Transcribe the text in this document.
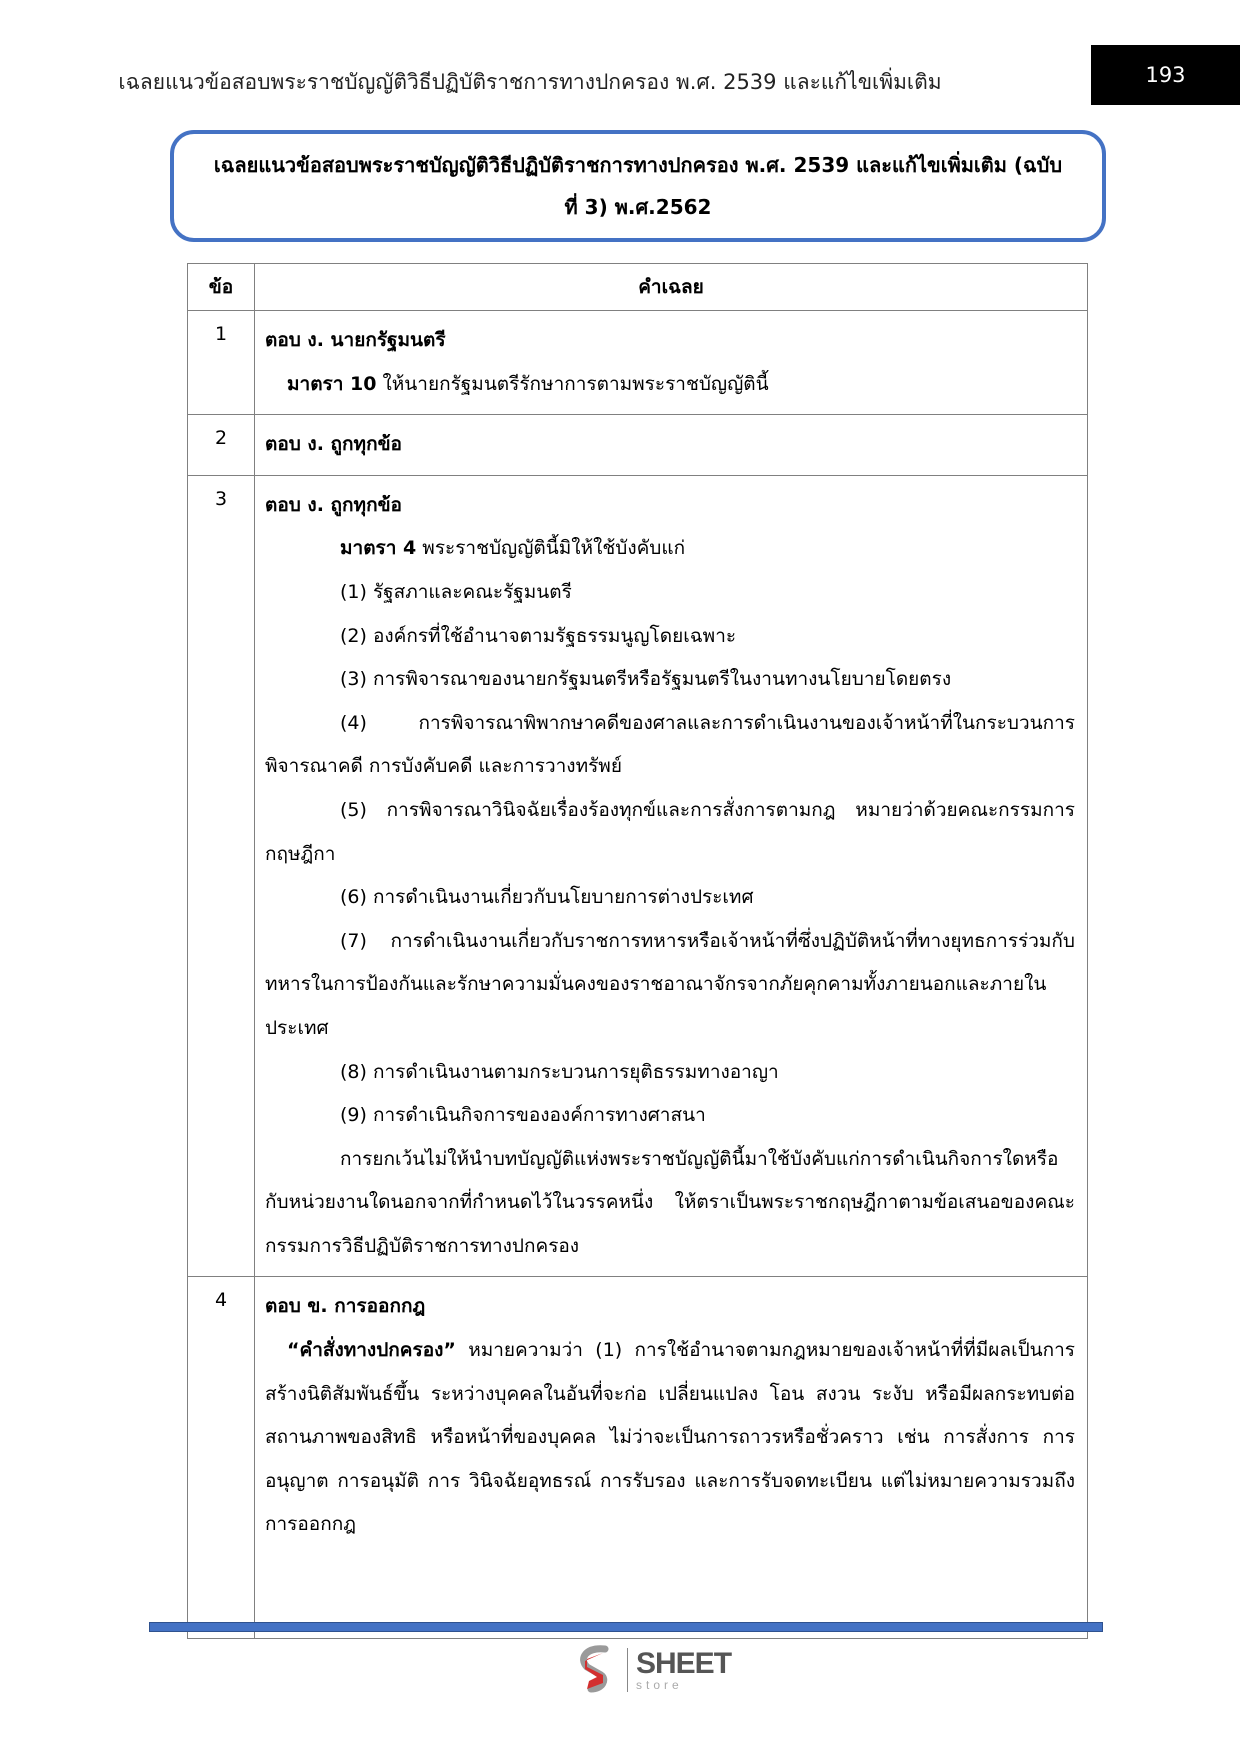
เฉลยแนวข้อสอบพระราชบัญญัติวิธีปฏิบัติราชการทางปกครอง พ.ศ. 2539 และแก้ไขเพิ่มเติม	193
เฉลยแนวข้อสอบพระราชบัญญัติวิธีปฏิบัติราชการทางปกครอง พ.ศ. 2539 และแก้ไขเพิ่มเติม (ฉบับ
ที่ 3) พ.ศ.2562
ข้อ	คำเฉลย
1	ตอบ ง. นายกรัฐมนตรี
มาตรา 10 ให้นายกรัฐมนตรีรักษาการตามพระราชบัญญัตินี้

2	ตอบ ง. ถูกทุกข้อ

3	ตอบ ง. ถูกทุกข้อ
มาตรา 4 พระราชบัญญัตินี้มิให้ใช้บังคับแก่
(1) รัฐสภาและคณะรัฐมนตรี
(2) องค์กรที่ใช้อำนาจตามรัฐธรรมนูญโดยเฉพาะ
(3) การพิจารณาของนายกรัฐมนตรีหรือรัฐมนตรีในงานทางนโยบายโดยตรง
(4) การพิจารณาพิพากษาคดีของศาลและการดำเนินงานของเจ้าหน้าที่ในกระบวนการพิจารณาคดี การบังคับคดี และการวางทรัพย์
(5) การพิจารณาวินิจฉัยเรื่องร้องทุกข์และการสั่งการตามกฎ หมายว่าด้วยคณะกรรมการกฤษฎีกา
(6) การดำเนินงานเกี่ยวกับนโยบายการต่างประเทศ
(7) การดำเนินงานเกี่ยวกับราชการทหารหรือเจ้าหน้าที่ซึ่งปฏิบัติหน้าที่ทางยุทธการร่วมกับทหารในการป้องกันและรักษาความมั่นคงของราชอาณาจักรจากภัยคุกคามทั้งภายนอกและภายในประเทศ
(8) การดำเนินงานตามกระบวนการยุติธรรมทางอาญา
(9) การดำเนินกิจการขององค์การทางศาสนา
การยกเว้นไม่ให้นำบทบัญญัติแห่งพระราชบัญญัตินี้มาใช้บังคับแก่การดำเนินกิจการใดหรือกับหน่วยงานใดนอกจากที่กำหนดไว้ในวรรคหนึ่ง ให้ตราเป็นพระราชกฤษฎีกาตามข้อเสนอของคณะกรรมการวิธีปฏิบัติราชการทางปกครอง

4	ตอบ ข. การออกกฎ
“คำสั่งทางปกครอง” หมายความว่า (1) การใช้อำนาจตามกฎหมายของเจ้าหน้าที่ที่มีผลเป็นการสร้างนิติสัมพันธ์ขึ้น ระหว่างบุคคลในอันที่จะก่อ เปลี่ยนแปลง โอน สงวน ระงับ หรือมีผลกระทบต่อสถานภาพของสิทธิ หรือหน้าที่ของบุคคล ไม่ว่าจะเป็นการถาวรหรือชั่วคราว เช่น การสั่งการ การอนุญาต การอนุมัติ การ วินิจฉัยอุทธรณ์ การรับรอง และการรับจดทะเบียน แต่ไม่หมายความรวมถึงการออกกฎ
SHEET
store
